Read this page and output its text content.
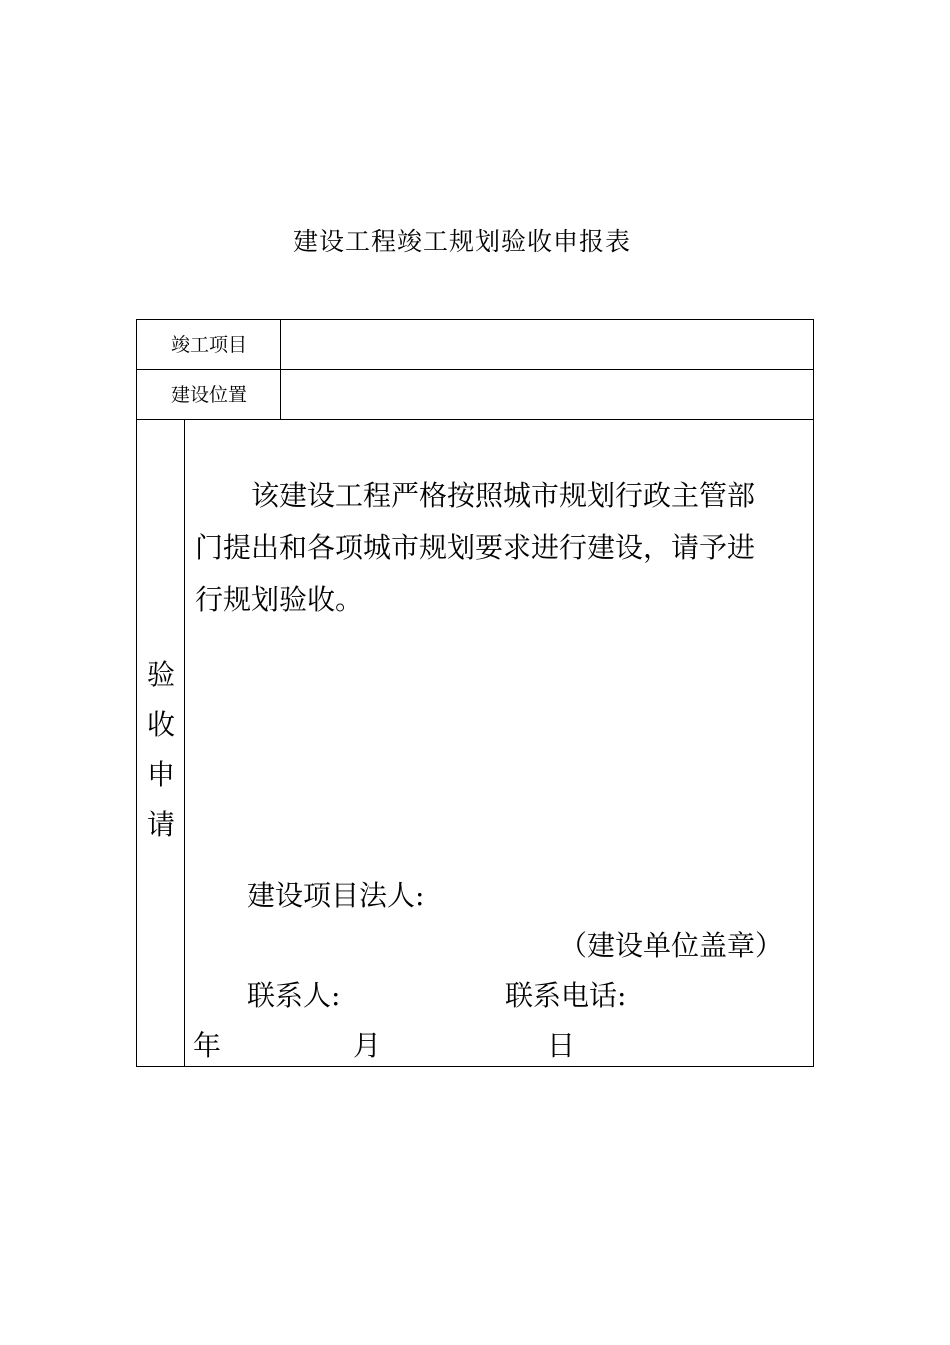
建设工程竣工规划验收申报表
竣工项目
建设位置
验
收
申
请
该建设工程严格按照城市规划行政主管部门提出和各项城市规划要求进行建设，请予进行规划验收。
建设项目法人:
（建设单位盖章）
联系人:	联系电话:
年	月	日
